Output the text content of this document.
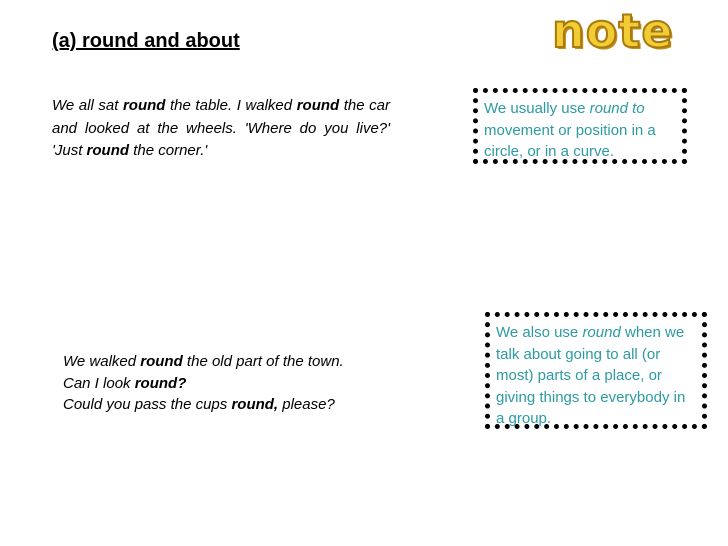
(a) round and about	note
We all sat round the table. I walked round the car and looked at the wheels. 'Where do you live?' 'Just round the corner.'
We usually use round to movement or position in a circle, or in a curve.
We also use round when we talk about going to all (or most) parts of a place, or giving things to everybody in a group.
We walked round the old part of the town.
Can I look round?
Could you pass the cups round, please?
